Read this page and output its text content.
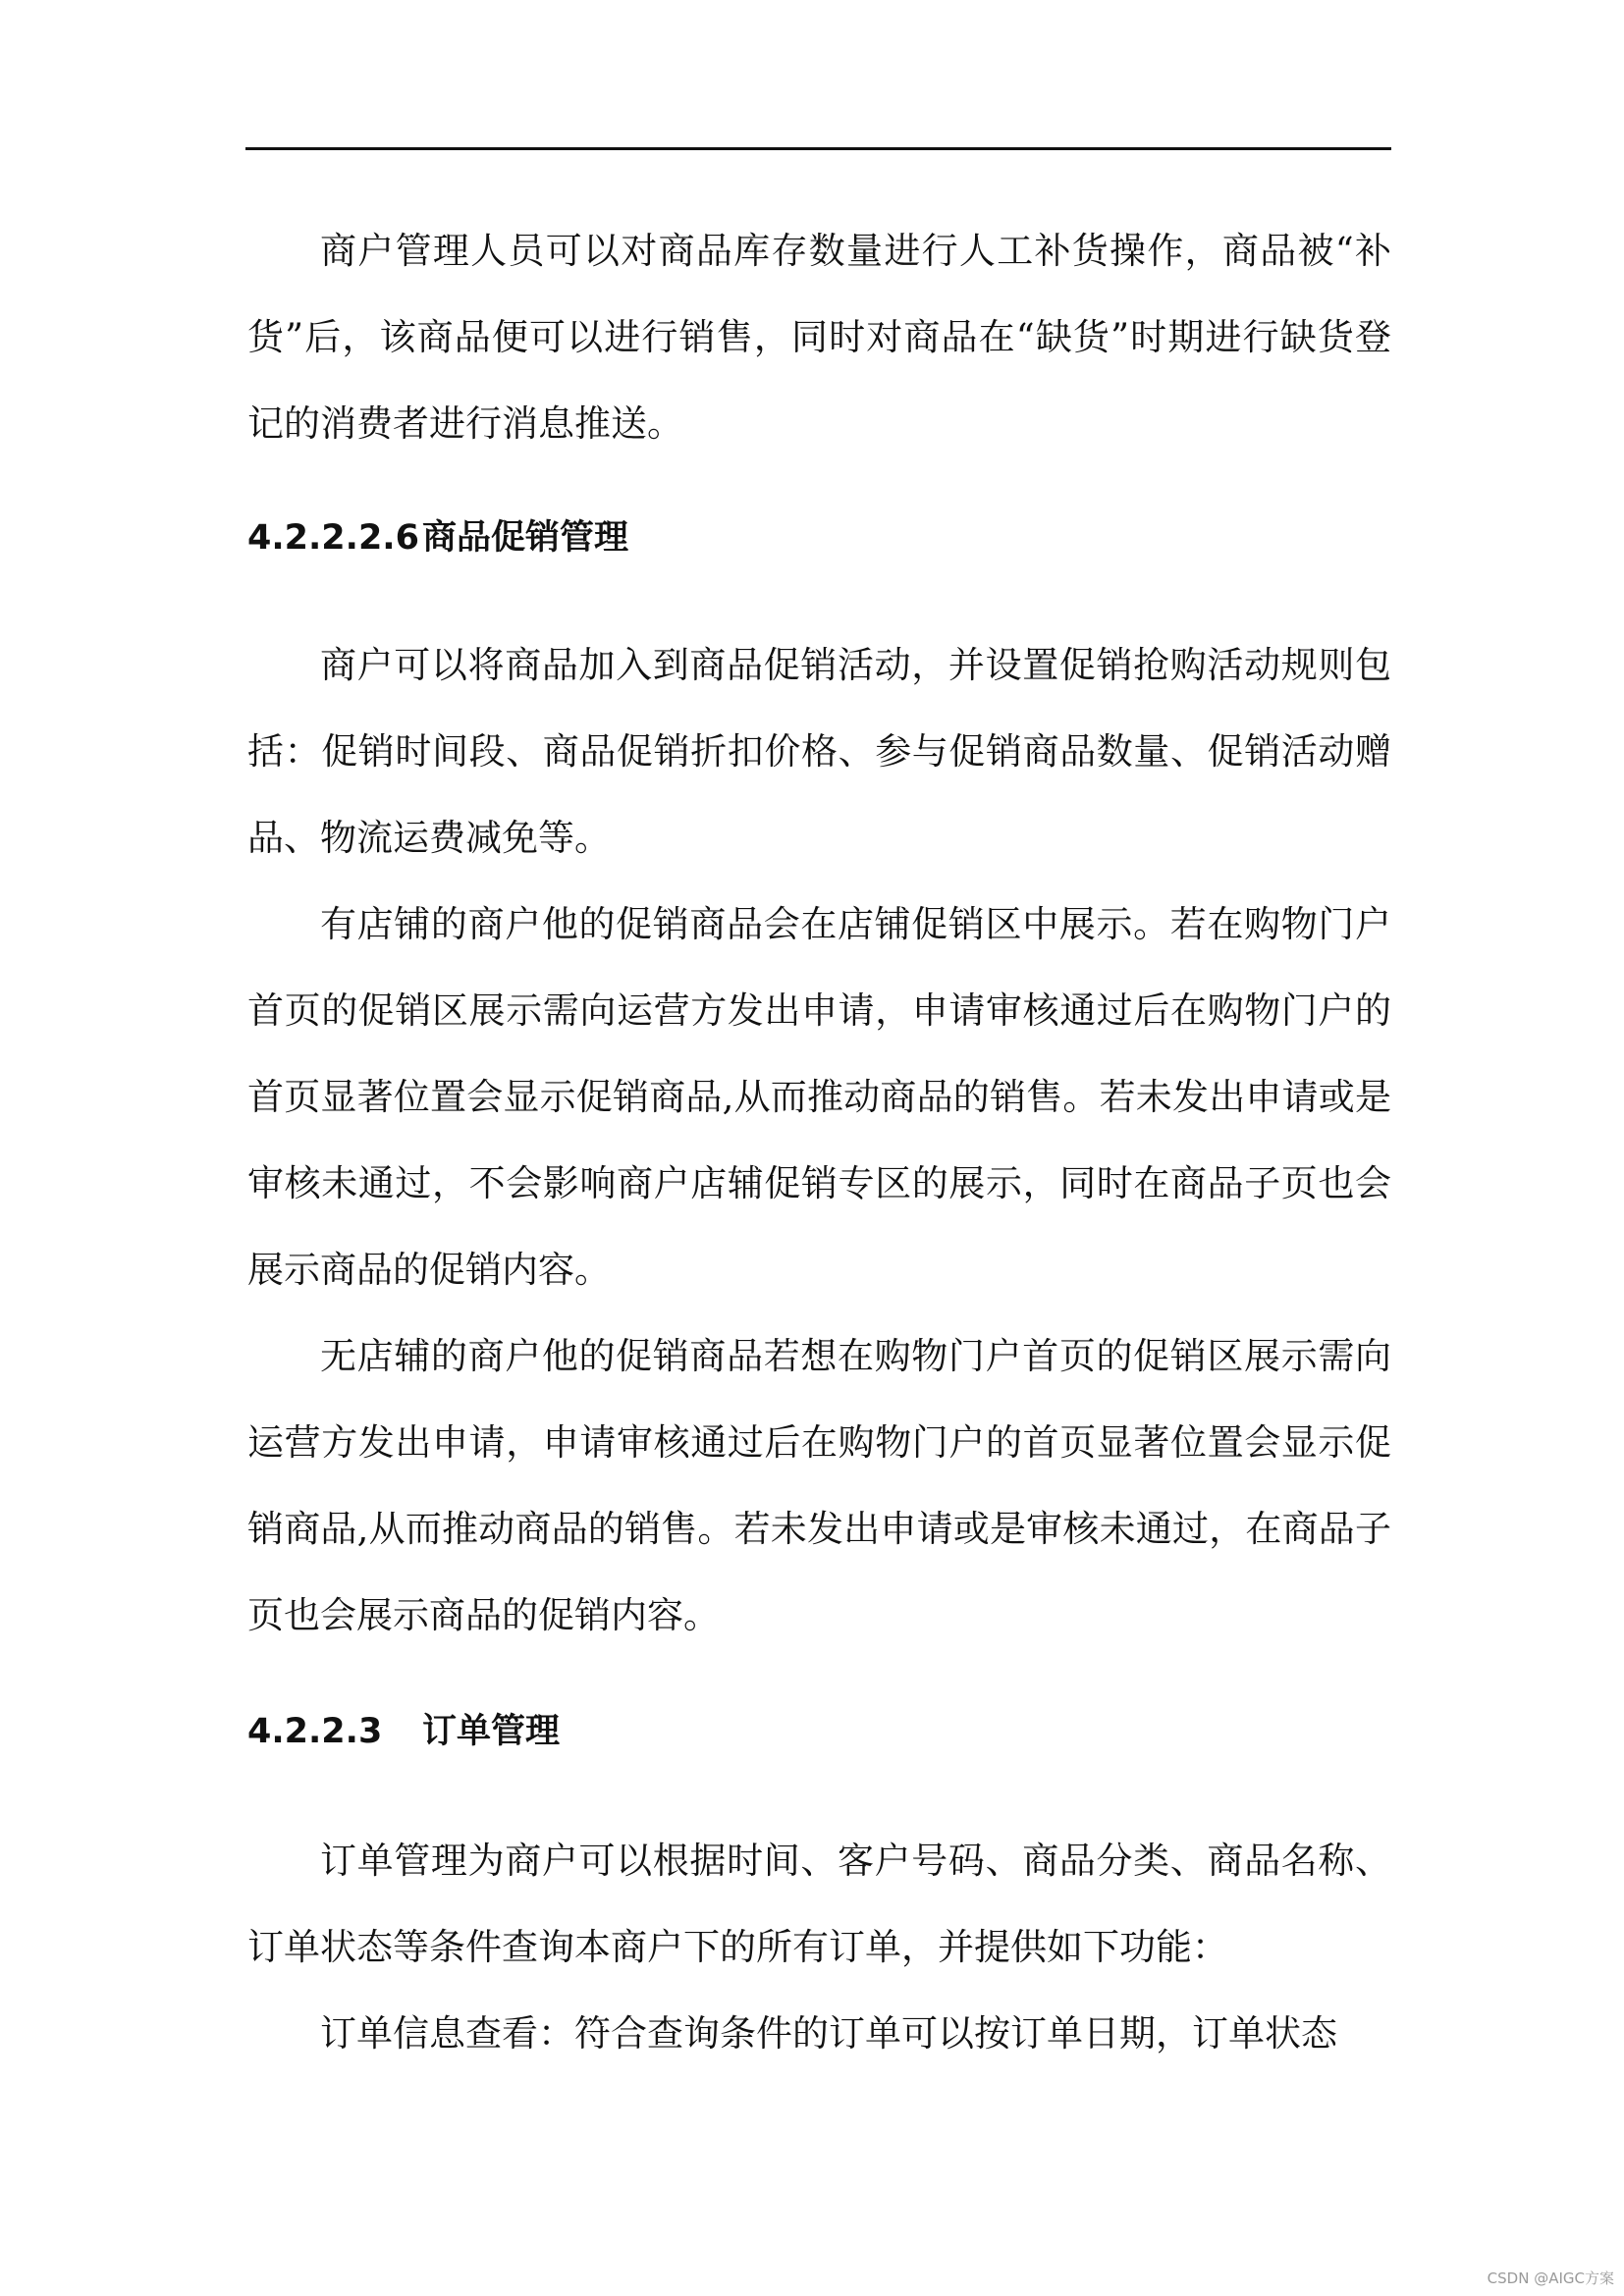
商户管理人员可以对商品库存数量进行人工补货操作，商品被“补货”后，该商品便可以进行销售，同时对商品在“缺货”时期进行缺货登记的消费者进行消息推送。

4.2.2.2.6商品促销管理

商户可以将商品加入到商品促销活动，并设置促销抢购活动规则包括：促销时间段、商品促销折扣价格、参与促销商品数量、促销活动赠品、物流运费减免等。

有店铺的商户他的促销商品会在店铺促销区中展示。若在购物门户首页的促销区展示需向运营方发出申请，申请审核通过后在购物门户的首页显著位置会显示促销商品,从而推动商品的销售。若未发出申请或是审核未通过，不会影响商户店辅促销专区的展示，同时在商品子页也会展示商品的促销内容。

无店辅的商户他的促销商品若想在购物门户首页的促销区展示需向运营方发出申请，申请审核通过后在购物门户的首页显著位置会显示促销商品,从而推动商品的销售。若未发出申请或是审核未通过，在商品子页也会展示商品的促销内容。

4.2.2.3 订单管理

订单管理为商户可以根据时间、客户号码、商品分类、商品名称、订单状态等条件查询本商户下的所有订单，并提供如下功能：

订单信息查看：符合查询条件的订单可以按订单日期，订单状态

CSDN @AIGC方案
